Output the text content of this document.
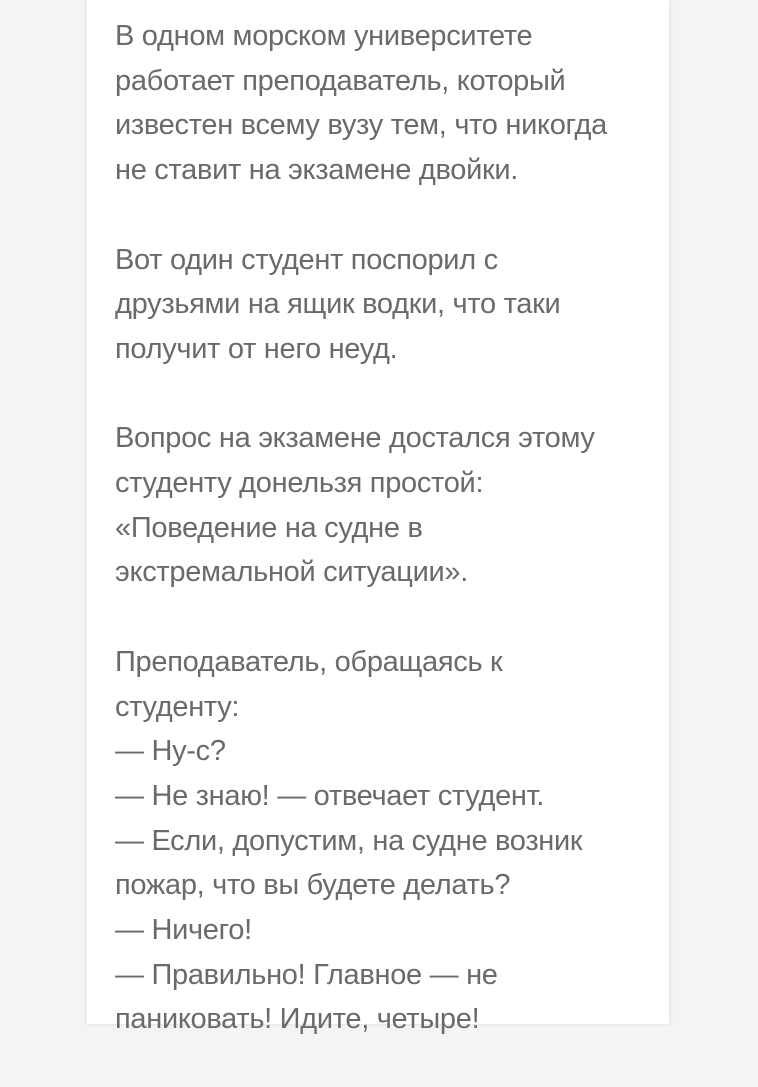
В одном морском университете
работает преподаватель, который
известен всему вузу тем, что никогда
не ставит на экзамене двойки.

Вот один студент поспорил с
друзьями на ящик водки, что таки
получит от него неуд.

Вопрос на экзамене достался этому
студенту донельзя простой:
«Поведение на судне в
экстремальной ситуации».

Преподаватель, обращаясь к
студенту:
— Ну-с?
— Не знаю! — отвечает студент.
— Если, допустим, на судне возник
пожар, что вы будете делать?
— Ничего!
— Правильно! Главное — не
паниковать! Идите, четыре!
